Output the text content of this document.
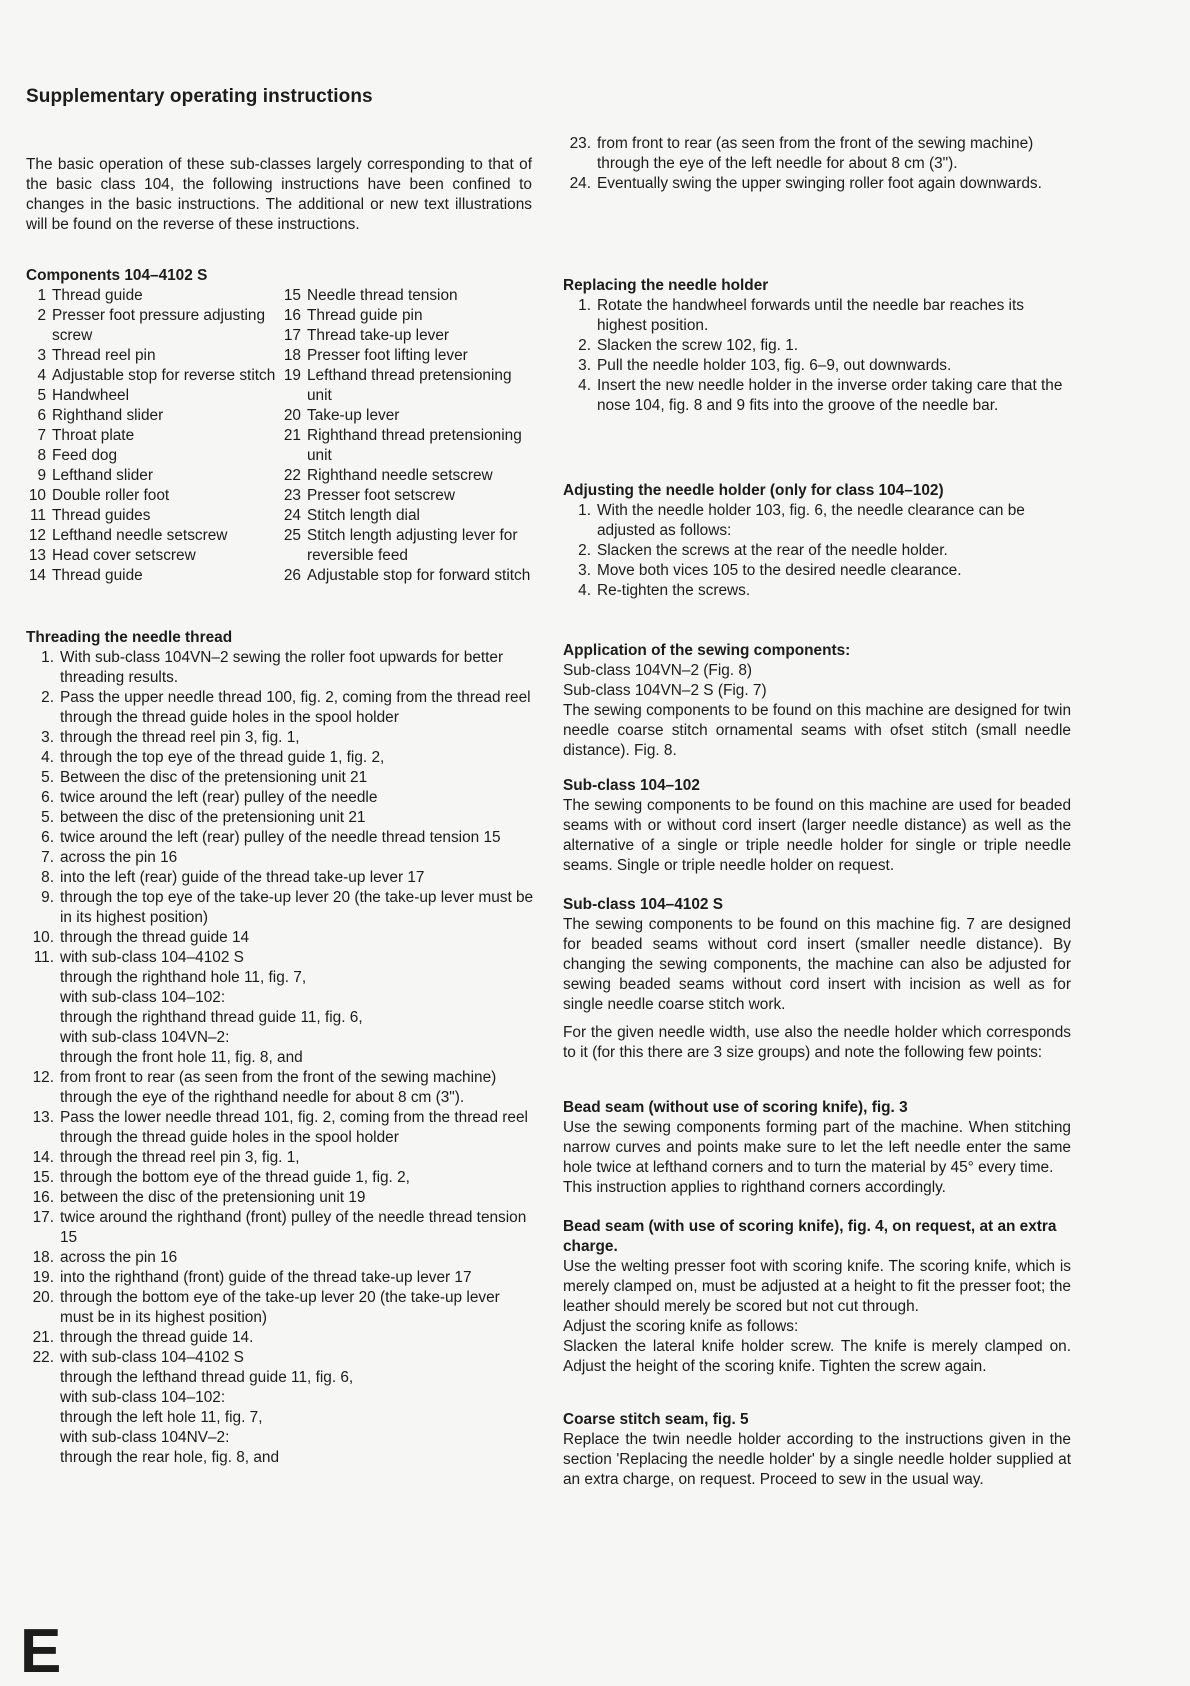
Supplementary operating instructions

The basic operation of these sub-classes largely corresponding to that of the basic class 104, the following instructions have been confined to changes in the basic instructions. The additional or new text illustrations will be found on the reverse of these instructions.

Components 104–4102 S
1 Thread guide
2 Presser foot pressure adjusting screw
3 Thread reel pin
4 Adjustable stop for reverse stitch
5 Handwheel
6 Righthand slider
7 Throat plate
8 Feed dog
9 Lefthand slider
10 Double roller foot
11 Thread guides
12 Lefthand needle setscrew
13 Head cover setscrew
14 Thread guide
15 Needle thread tension
16 Thread guide pin
17 Thread take-up lever
18 Presser foot lifting lever
19 Lefthand thread pretensioning unit
20 Take-up lever
21 Righthand thread pretensioning unit
22 Righthand needle setscrew
23 Presser foot setscrew
24 Stitch length dial
25 Stitch length adjusting lever for reversible feed
26 Adjustable stop for forward stitch
Threading the needle thread
1. With sub-class 104VN–2 sewing the roller foot upwards for better threading results.
2. Pass the upper needle thread 100, fig. 2, coming from the thread reel through the thread guide holes in the spool holder
3. through the thread reel pin 3, fig. 1,
4. through the top eye of the thread guide 1, fig. 2,
5. Between the disc of the pretensioning unit 21
6. twice around the left (rear) pulley of the needle
5. between the disc of the pretensioning unit 21
6. twice around the left (rear) pulley of the needle thread tension 15
7. across the pin 16
8. into the left (rear) guide of the thread take-up lever 17
9. through the top eye of the take-up lever 20 (the take-up lever must be in its highest position)
10. through the thread guide 14
11. with sub-class 104–4102 S
through the righthand hole 11, fig. 7,
with sub-class 104–102:
through the righthand thread guide 11, fig. 6,
with sub-class 104VN–2:
through the front hole 11, fig. 8, and
12. from front to rear (as seen from the front of the sewing machine) through the eye of the righthand needle for about 8 cm (3").
13. Pass the lower needle thread 101, fig. 2, coming from the thread reel through the thread guide holes in the spool holder
14. through the thread reel pin 3, fig. 1,
15. through the bottom eye of the thread guide 1, fig. 2,
16. between the disc of the pretensioning unit 19
17. twice around the righthand (front) pulley of the needle thread tension 15
18. across the pin 16
19. into the righthand (front) guide of the thread take-up lever 17
20. through the bottom eye of the take-up lever 20 (the take-up lever must be in its highest position)
21. through the thread guide 14.
22. with sub-class 104–4102 S
through the lefthand thread guide 11, fig. 6,
with sub-class 104–102:
through the left hole 11, fig. 7,
with sub-class 104NV–2:
through the rear hole, fig. 8, and
23. from front to rear (as seen from the front of the sewing machine) through the eye of the left needle for about 8 cm (3").
24. Eventually swing the upper swinging roller foot again downwards.
Replacing the needle holder
1. Rotate the handwheel forwards until the needle bar reaches its highest position.
2. Slacken the screw 102, fig. 1.
3. Pull the needle holder 103, fig. 6–9, out downwards.
4. Insert the new needle holder in the inverse order taking care that the nose 104, fig. 8 and 9 fits into the groove of the needle bar.
Adjusting the needle holder (only for class 104–102)
1. With the needle holder 103, fig. 6, the needle clearance can be adjusted as follows:
2. Slacken the screws at the rear of the needle holder.
3. Move both vices 105 to the desired needle clearance.
4. Re-tighten the screws.
Application of the sewing components:
Sub-class 104VN–2 (Fig. 8)
Sub-class 104VN–2 S (Fig. 7)

The sewing components to be found on this machine are designed for twin needle coarse stitch ornamental seams with ofset stitch (small needle distance). Fig. 8.

Sub-class 104–102

The sewing components to be found on this machine are used for beaded seams with or without cord insert (larger needle distance) as well as the alternative of a single or triple needle holder for single or triple needle seams. Single or triple needle holder on request.

Sub-class 104–4102 S

The sewing components to be found on this machine fig. 7 are designed for beaded seams without cord insert (smaller needle distance). By changing the sewing components, the machine can also be adjusted for sewing beaded seams without cord insert with incision as well as for single needle coarse stitch work.

For the given needle width, use also the needle holder which corresponds to it (for this there are 3 size groups) and note the following few points:

Bead seam (without use of scoring knife), fig. 3

Use the sewing components forming part of the machine. When stitching narrow curves and points make sure to let the left needle enter the same hole twice at lefthand corners and to turn the material by 45° every time.

This instruction applies to righthand corners accordingly.

Bead seam (with use of scoring knife), fig. 4, on request, at an extra charge.

Use the welting presser foot with scoring knife. The scoring knife, which is merely clamped on, must be adjusted at a height to fit the presser foot; the leather should merely be scored but not cut through.

Adjust the scoring knife as follows:

Slacken the lateral knife holder screw. The knife is merely clamped on. Adjust the height of the scoring knife. Tighten the screw again.

Coarse stitch seam, fig. 5

Replace the twin needle holder according to the instructions given in the section 'Replacing the needle holder' by a single needle holder supplied at an extra charge, on request. Proceed to sew in the usual way.

E
